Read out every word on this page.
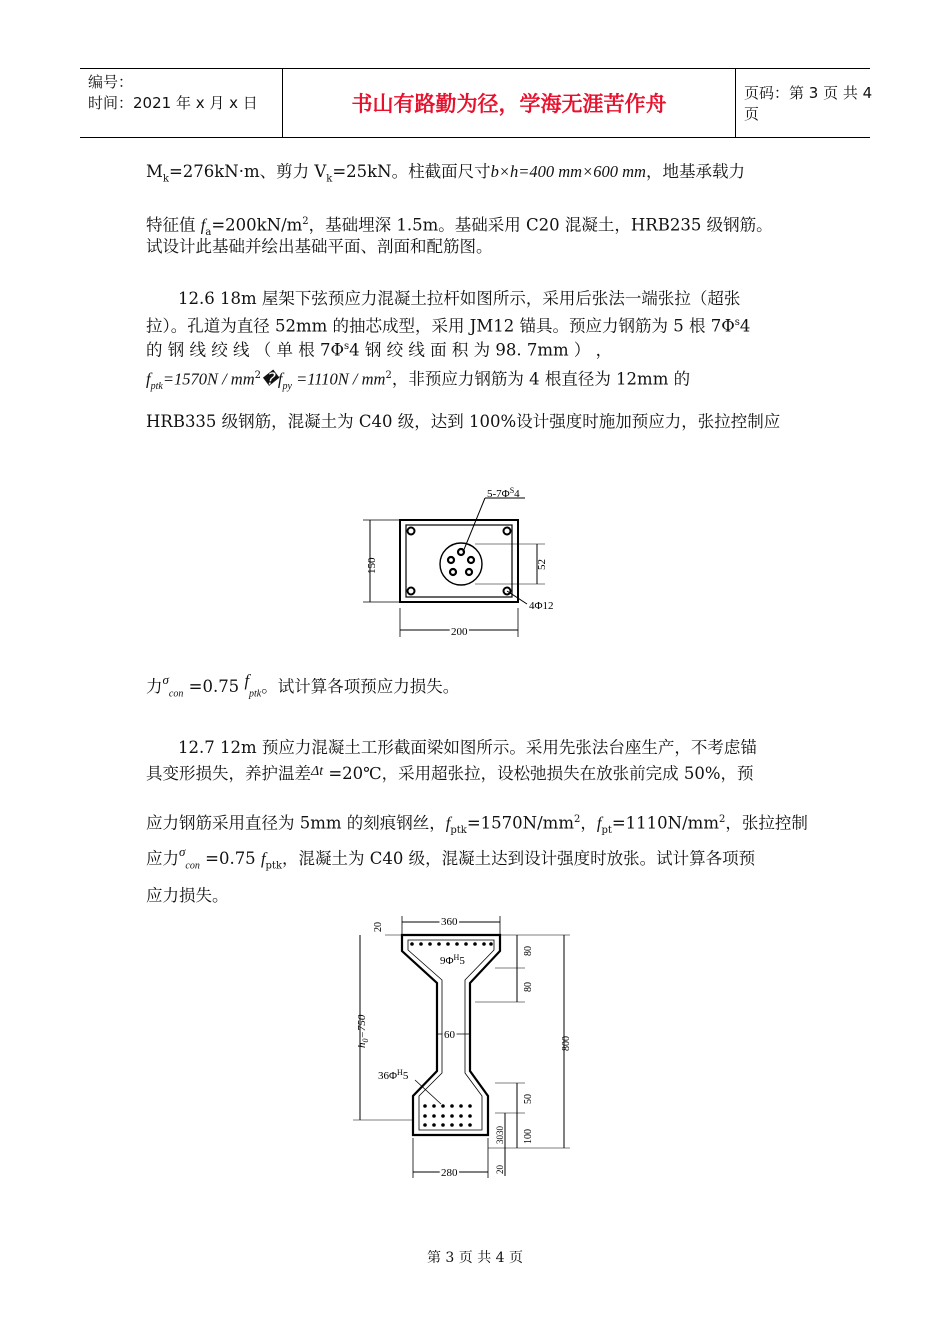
编号：
时间：2021 年 x 月 x 日	书山有路勤为径，学海无涯苦作舟	页码：第 3 页 共 4 页
$M_k=276kN\cdot m$、剪力 $V_k=25kN$。柱截面尺寸b×h=400 mm×600 mm，地基承载力
特征值 $f_a=200kN/m^2$，基础埋深 1.5m。基础采用 C20 混凝土，HRB235 级钢筋。
试设计此基础并绘出基础平面、剖面和配筋图。
12.6 18m 屋架下弦预应力混凝土拉杆如图所示，采用后张法一端张拉（超张
拉）。孔道为直径 52mm 的抽芯成型，采用 JM12 锚具。预应力钢筋为 5 根 $7\Phi^s4$
的 钢 线 绞 线 （ 单 根 $7\Phi^s4$ 钢 绞 线 面 积 为 98. 7mm ） ，
$f_{ptk}=1570N$ / $mm^2�f_{py} =1110N / mm^2$，非预应力钢筋为 4 根直径为 12mm 的
HRB335 级钢筋，混凝土为 C40 级，达到 100%设计强度时施加预应力，张拉控制应
$5-7\Phi^S4$
150	52
4Φ12
200
力$^\sigma_{con}$ =0.75 $f_{ptk}$。试计算各项预应力损失。
12.7 12m 预应力混凝土工形截面梁如图所示。采用先张法台座生产，不考虑锚
具变形损失，养护温差$^{\Delta t}$ =20℃，采用超张拉，设松弛损失在放张前完成 50%，预
应力钢筋采用直径为 5mm 的刻痕钢丝，$f_{ptk}=1570N/mm^2$，$f_{pt}=1110N/mm^2$，张拉控制
应力$^\sigma_{con}$ =0.75 $f_{ptk}$，混凝土为 C40 级，混凝土达到设计强度时放张。试计算各项预
应力损失。
360
20
$9\Phi^H5$
80
80
800
50
100
3030
20
60
$h_0=750$
$36\Phi^H5$
280
第 3 页 共 4 页
